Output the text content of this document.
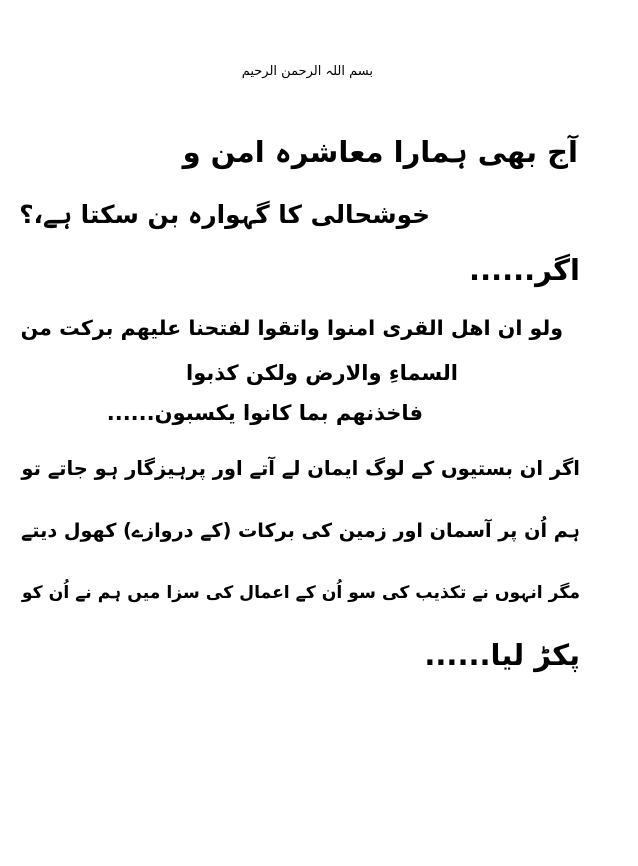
بسم اللہ الرحمن الرحیم
آج بھی ہمارا معاشرہ امن و
خوشحالی کا گہوارہ بن سکتا ہے،؟
اگر......
ولو ان اھل القری امنوا واتقوا لفتحنا علیھم برکت من
السماءِ والارض ولکن کذبوا
فاخذنھم بما کانوا یکسبون......
اگر ان بستیوں کے لوگ ایمان لے آتے اور پرہیزگار ہو جاتے تو
ہم اُن پر آسمان اور زمین کی برکات (کے دروازے) کھول دیتے
مگر انہوں نے تکذیب کی سو اُن کے اعمال کی سزا میں ہم نے اُن کو
پکڑ لیا......
